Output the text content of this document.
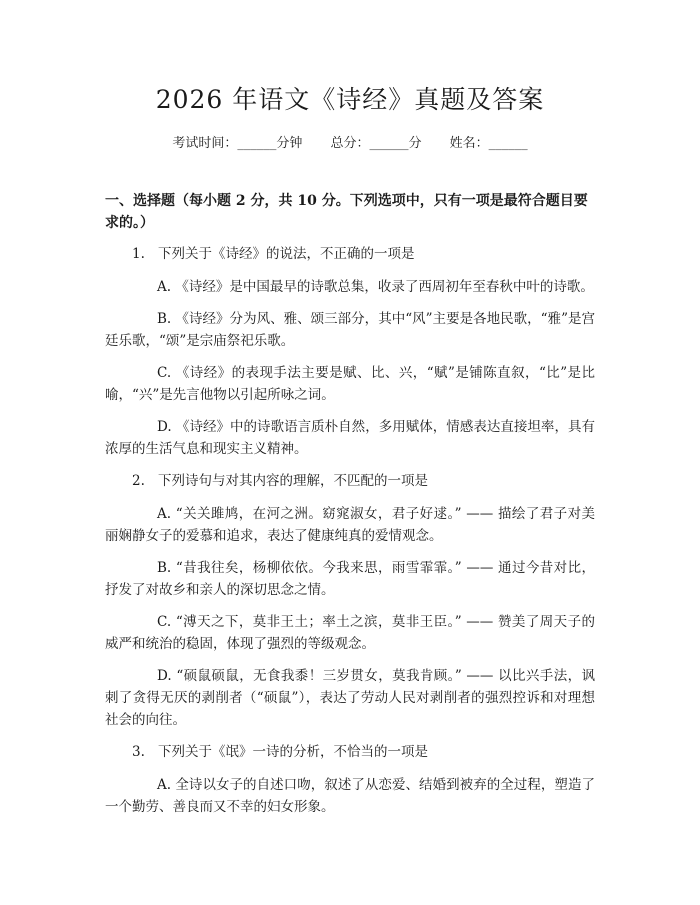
2026 年语文《诗经》真题及答案
考试时间：______分钟 总分：______分 姓名：______
一、选择题（每小题 2 分，共 10 分。下列选项中，只有一项是最符合题目要求的。）
1. 下列关于《诗经》的说法，不正确的一项是
A. 《诗经》是中国最早的诗歌总集，收录了西周初年至春秋中叶的诗歌。
B. 《诗经》分为风、雅、颂三部分，其中“风”主要是各地民歌，“雅”是宫廷乐歌，“颂”是宗庙祭祀乐歌。
C. 《诗经》的表现手法主要是赋、比、兴，“赋”是铺陈直叙，“比”是比喻，“兴”是先言他物以引起所咏之词。
D. 《诗经》中的诗歌语言质朴自然，多用赋体，情感表达直接坦率，具有浓厚的生活气息和现实主义精神。
2. 下列诗句与对其内容的理解，不匹配的一项是
A. “关关雎鸠，在河之洲。窈窕淑女，君子好逑。” —— 描绘了君子对美丽娴静女子的爱慕和追求，表达了健康纯真的爱情观念。
B. “昔我往矣，杨柳依依。今我来思，雨雪霏霏。” —— 通过今昔对比，抒发了对故乡和亲人的深切思念之情。
C. “溥天之下，莫非王土；率土之滨，莫非王臣。” —— 赞美了周天子的威严和统治的稳固，体现了强烈的等级观念。
D. “硕鼠硕鼠，无食我黍！三岁贯女，莫我肯顾。” —— 以比兴手法，讽刺了贪得无厌的剥削者（“硕鼠”），表达了劳动人民对剥削者的强烈控诉和对理想社会的向往。
3. 下列关于《氓》一诗的分析，不恰当的一项是
A. 全诗以女子的自述口吻，叙述了从恋爱、结婚到被弃的全过程，塑造了一个勤劳、善良而又不幸的妇女形象。
